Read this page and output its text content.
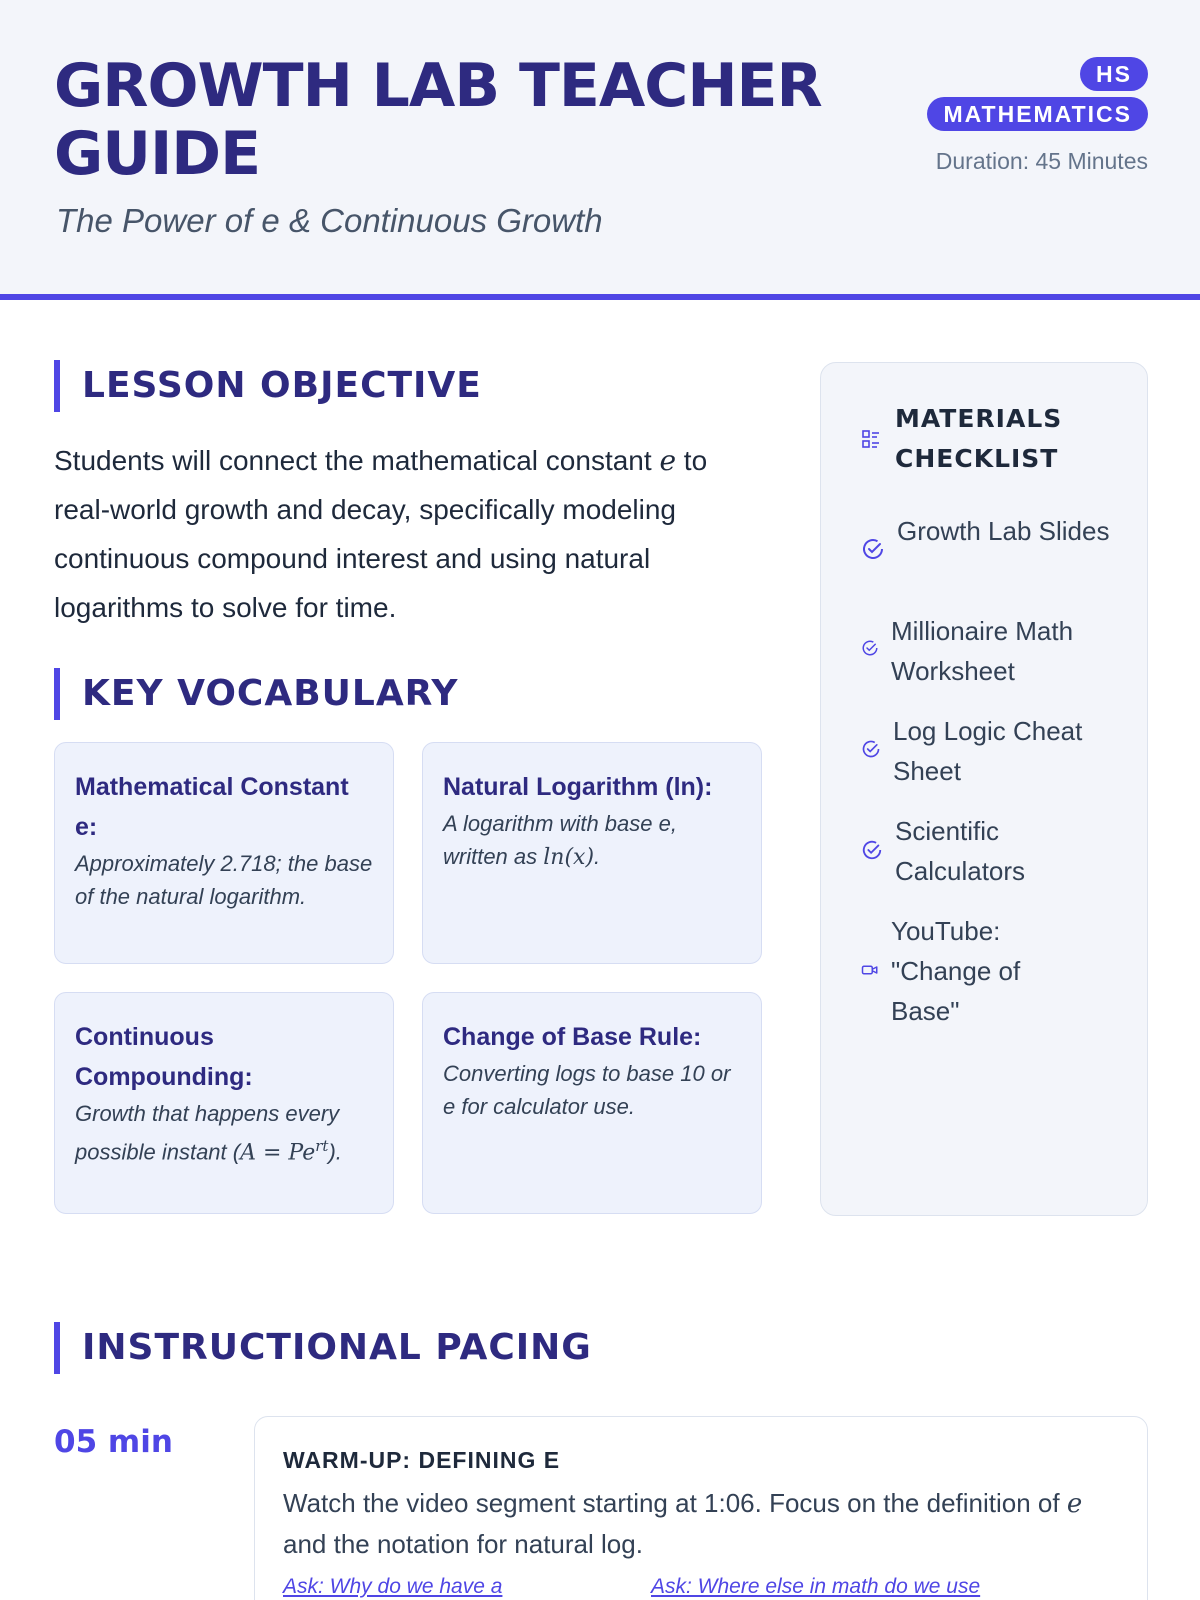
GROWTH LAB TEACHER GUIDE
The Power of e & Continuous Growth
HS MATHEMATICS
Duration: 45 Minutes
LESSON OBJECTIVE
Students will connect the mathematical constant e to real-world growth and decay, specifically modeling continuous compound interest and using natural logarithms to solve for time.
KEY VOCABULARY
Mathematical Constant e:
Approximately 2.718; the base of the natural logarithm.
Natural Logarithm (ln):
A logarithm with base e, written as ln(x).
Continuous Compounding:
Growth that happens every possible instant $(A = Pe^{rt})$.
Change of Base Rule:
Converting logs to base 10 or e for calculator use.
MATERIALS CHECKLIST
Growth Lab Slides
Millionaire Math Worksheet
Log Logic Cheat Sheet
Scientific Calculators
YouTube: "Change of Base"
INSTRUCTIONAL PACING
05 min	WARM-UP: DEFINING E
Watch the video segment starting at 1:06. Focus on the definition of e and the notation for natural log.
Ask: Why do we have a	Ask: Where else in math do we use
